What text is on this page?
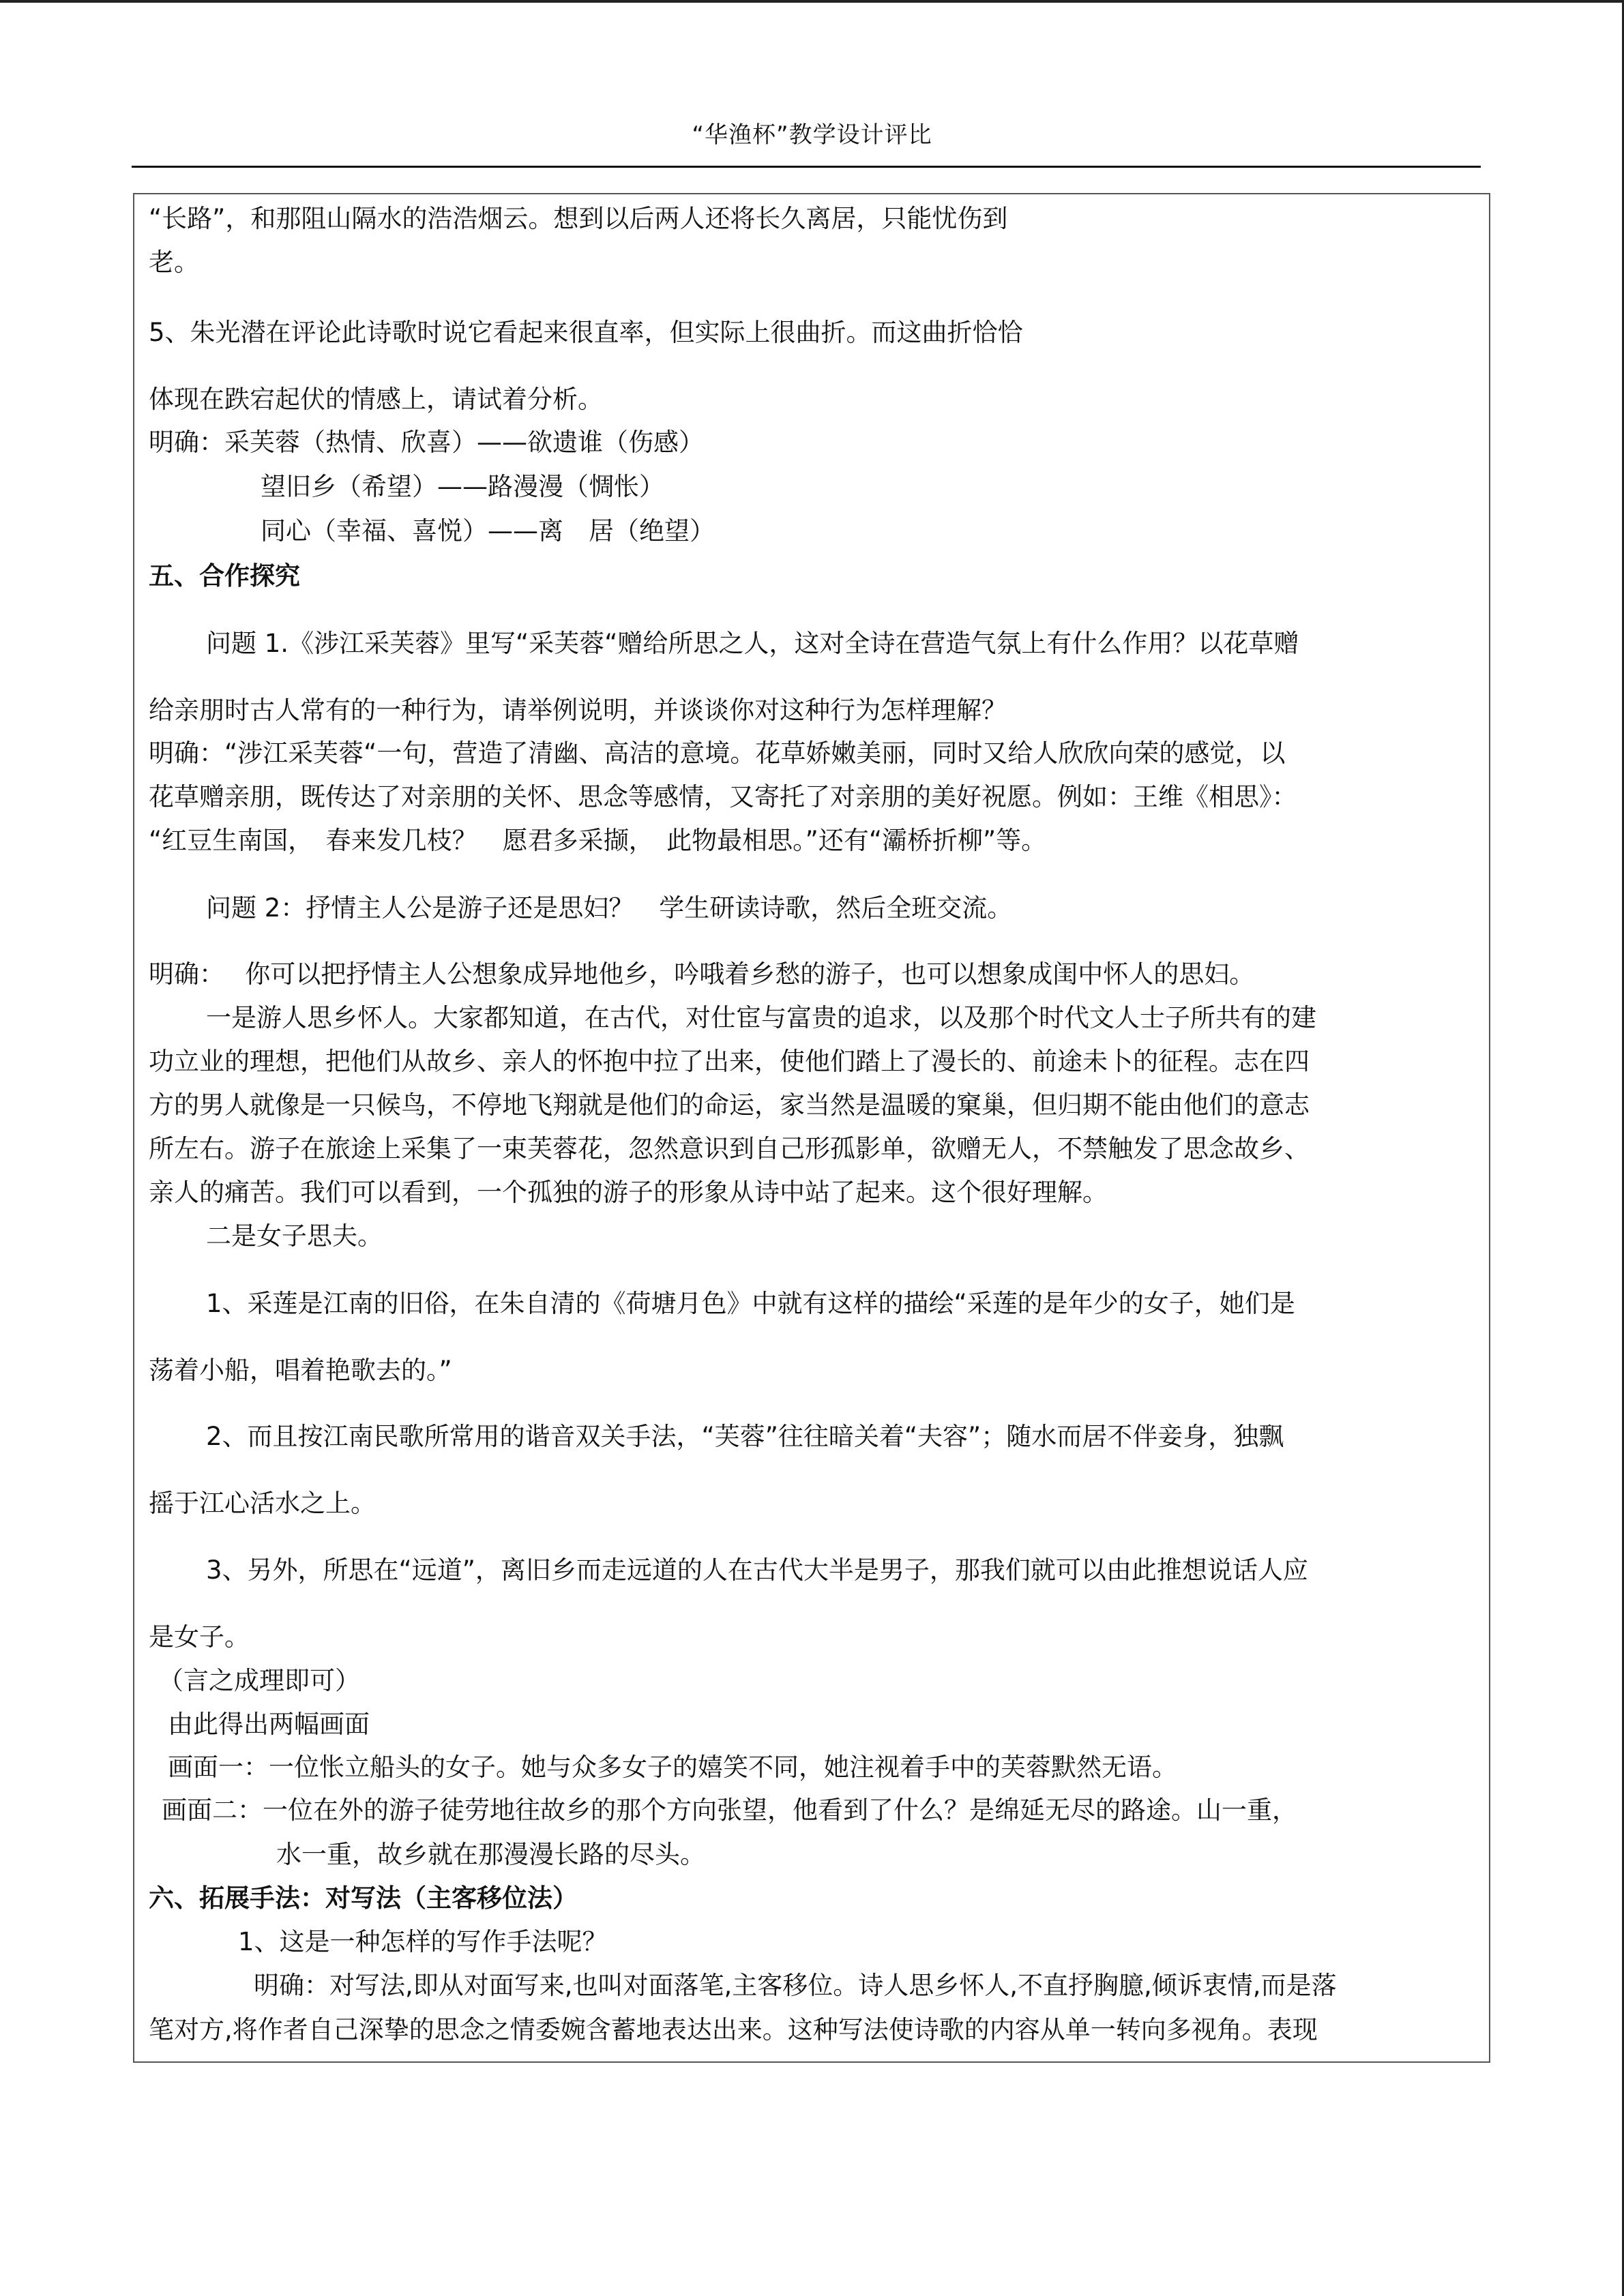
“华渔杯”教学设计评比
“长路”，和那阻山隔水的浩浩烟云。想到以后两人还将长久离居，只能忧伤到
老。
5、朱光潜在评论此诗歌时说它看起来很直率，但实际上很曲折。而这曲折恰恰
体现在跌宕起伏的情感上，请试着分析。
明确：采芙蓉（热情、欣喜）——欲遗谁（伤感）
望旧乡（希望）——路漫漫（惆怅）
同心（幸福、喜悦）——离　居（绝望）
五、合作探究
问题 1.《涉江采芙蓉》里写“采芙蓉“赠给所思之人，这对全诗在营造气氛上有什么作用？以花草赠
给亲朋时古人常有的一种行为，请举例说明，并谈谈你对这种行为怎样理解？
明确：“涉江采芙蓉“一句，营造了清幽、高洁的意境。花草娇嫩美丽，同时又给人欣欣向荣的感觉，以
花草赠亲朋，既传达了对亲朋的关怀、思念等感情，又寄托了对亲朋的美好祝愿。例如：王维《相思》：
“红豆生南国，　春来发几枝？　愿君多采撷，　此物最相思。”还有“灞桥折柳”等。
问题 2：抒情主人公是游子还是思妇？　学生研读诗歌，然后全班交流。
明确：　 你可以把抒情主人公想象成异地他乡，吟哦着乡愁的游子，也可以想象成闺中怀人的思妇。
一是游人思乡怀人。大家都知道，在古代，对仕宦与富贵的追求，以及那个时代文人士子所共有的建
功立业的理想，把他们从故乡、亲人的怀抱中拉了出来，使他们踏上了漫长的、前途未卜的征程。志在四
方的男人就像是一只候鸟，不停地飞翔就是他们的命运，家当然是温暖的窠巢，但归期不能由他们的意志
所左右。游子在旅途上采集了一束芙蓉花，忽然意识到自己形孤影单，欲赠无人，不禁触发了思念故乡、
亲人的痛苦。我们可以看到，一个孤独的游子的形象从诗中站了起来。这个很好理解。
二是女子思夫。
1、采莲是江南的旧俗，在朱自清的《荷塘月色》中就有这样的描绘“采莲的是年少的女子，她们是
荡着小船，唱着艳歌去的。”
2、而且按江南民歌所常用的谐音双关手法，“芙蓉”往往暗关着“夫容”；随水而居不伴妾身，独飘
摇于江心活水之上。
3、另外，所思在“远道”，离旧乡而走远道的人在古代大半是男子，那我们就可以由此推想说话人应
是女子。
（言之成理即可）
由此得出两幅画面
画面一：一位怅立船头的女子。她与众多女子的嬉笑不同，她注视着手中的芙蓉默然无语。
画面二：一位在外的游子徒劳地往故乡的那个方向张望，他看到了什么？是绵延无尽的路途。山一重，
水一重，故乡就在那漫漫长路的尽头。
六、拓展手法：对写法（主客移位法）
1、这是一种怎样的写作手法呢？
明确：对写法,即从对面写来,也叫对面落笔,主客移位。诗人思乡怀人,不直抒胸臆,倾诉衷情,而是落
笔对方,将作者自己深挚的思念之情委婉含蓄地表达出来。这种写法使诗歌的内容从单一转向多视角。表现
